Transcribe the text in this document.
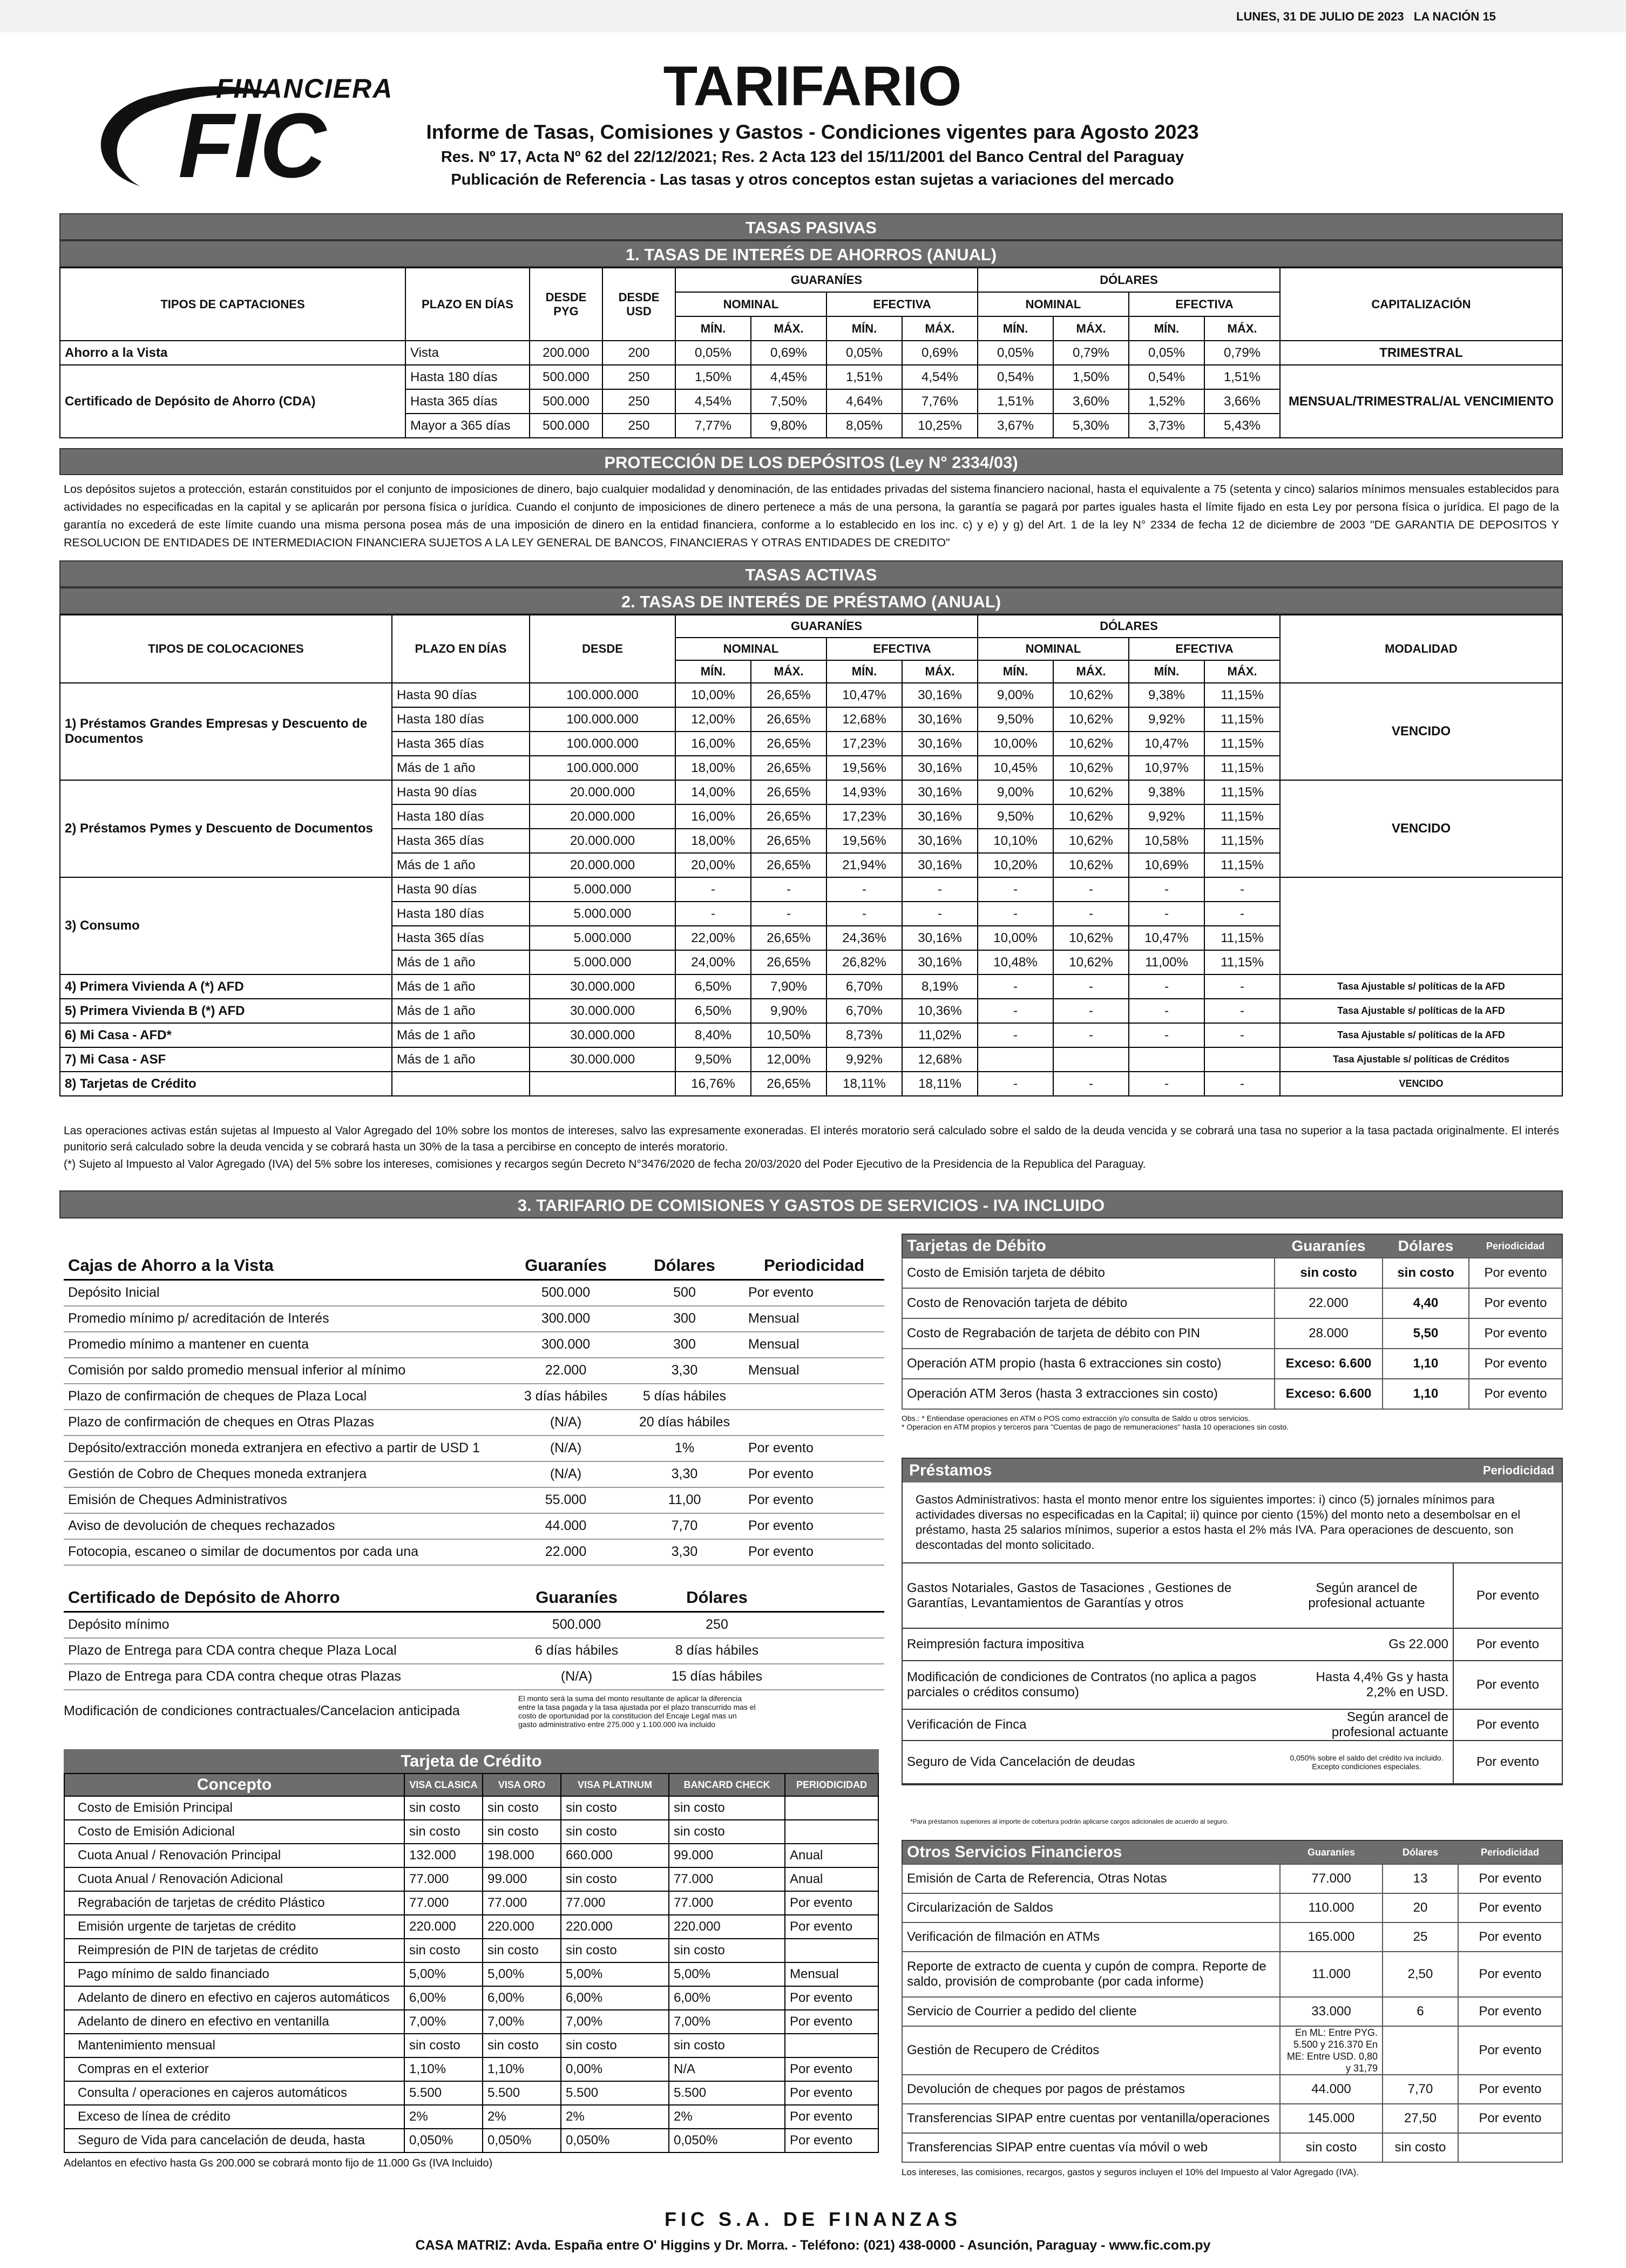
LUNES, 31 DE JULIO DE 2023 LA NACIÓN 15
FINANCIERA
FIC
TARIFARIO
Informe de Tasas, Comisiones y Gastos - Condiciones vigentes para Agosto 2023
Res. Nº 17, Acta Nº 62 del 22/12/2021; Res. 2 Acta 123 del 15/11/2001 del Banco Central del Paraguay
Publicación de Referencia - Las tasas y otros conceptos estan sujetas a variaciones del mercado
TASAS PASIVAS
1. TASAS DE INTERÉS DE AHORROS (ANUAL)
TIPOS DE CAPTACIONES	PLAZO EN DÍAS	DESDE PYG	DESDE USD	GUARANÍES				DÓLARES				CAPITALIZACIÓN
				NOMINAL		EFECTIVA		NOMINAL		EFECTIVA		
				MÍN.	MÁX.	MÍN.	MÁX.	MÍN.	MÁX.	MÍN.	MÁX.	
Ahorro a la Vista	Vista	200.000	200	0,05%	0,69%	0,05%	0,69%	0,05%	0,79%	0,05%	0,79%	TRIMESTRAL
Certificado de Depósito de Ahorro (CDA)	Hasta 180 días	500.000	250	1,50%	4,45%	1,51%	4,54%	0,54%	1,50%	0,54%	1,51%	MENSUAL/TRIMESTRAL/AL VENCIMIENTO
	Hasta 365 días	500.000	250	4,54%	7,50%	4,64%	7,76%	1,51%	3,60%	1,52%	3,66%	
	Mayor a 365 días	500.000	250	7,77%	9,80%	8,05%	10,25%	3,67%	5,30%	3,73%	5,43%	
PROTECCIÓN DE LOS DEPÓSITOS (Ley N° 2334/03)
Los depósitos sujetos a protección, estarán constituidos por el conjunto de imposiciones de dinero, bajo cualquier modalidad y denominación, de las entidades privadas del sistema financiero nacional, hasta el equivalente a 75 (setenta y cinco) salarios mínimos mensuales establecidos para actividades no especificadas en la capital y se aplicarán por persona física o jurídica. Cuando el conjunto de imposiciones de dinero pertenece a más de una persona, la garantía se pagará por partes iguales hasta el límite fijado en esta Ley por persona física o jurídica. El pago de la garantía no excederá de este límite cuando una misma persona posea más de una imposición de dinero en la entidad financiera, conforme a lo establecido en los inc. c) y e) y g) del Art. 1 de la ley N° 2334 de fecha 12 de diciembre de 2003 "DE GARANTIA DE DEPOSITOS Y RESOLUCION DE ENTIDADES DE INTERMEDIACION FINANCIERA SUJETOS A LA LEY GENERAL DE BANCOS, FINANCIERAS Y OTRAS ENTIDADES DE CREDITO"
TASAS ACTIVAS
2. TASAS DE INTERÉS DE PRÉSTAMO (ANUAL)
TIPOS DE COLOCACIONES	PLAZO EN DÍAS	DESDE	GUARANÍES				DÓLARES				MODALIDAD
			NOMINAL		EFECTIVA		NOMINAL		EFECTIVA		
			MÍN.	MÁX.	MÍN.	MÁX.	MÍN.	MÁX.	MÍN.	MÁX.	
1) Préstamos Grandes Empresas y Descuento de Documentos	Hasta 90 días	100.000.000	10,00%	26,65%	10,47%	30,16%	9,00%	10,62%	9,38%	11,15%	VENCIDO
	Hasta 180 días	100.000.000	12,00%	26,65%	12,68%	30,16%	9,50%	10,62%	9,92%	11,15%	
	Hasta 365 días	100.000.000	16,00%	26,65%	17,23%	30,16%	10,00%	10,62%	10,47%	11,15%	
	Más de 1 año	100.000.000	18,00%	26,65%	19,56%	30,16%	10,45%	10,62%	10,97%	11,15%	
2) Préstamos Pymes y Descuento de Documentos	Hasta 90 días	20.000.000	14,00%	26,65%	14,93%	30,16%	9,00%	10,62%	9,38%	11,15%	VENCIDO
	Hasta 180 días	20.000.000	16,00%	26,65%	17,23%	30,16%	9,50%	10,62%	9,92%	11,15%	
	Hasta 365 días	20.000.000	18,00%	26,65%	19,56%	30,16%	10,10%	10,62%	10,58%	11,15%	
	Más de 1 año	20.000.000	20,00%	26,65%	21,94%	30,16%	10,20%	10,62%	10,69%	11,15%	
3) Consumo	Hasta 90 días	5.000.000	-	-	-	-	-	-	-	-	
	Hasta 180 días	5.000.000	-	-	-	-	-	-	-	-	
	Hasta 365 días	5.000.000	22,00%	26,65%	24,36%	30,16%	10,00%	10,62%	10,47%	11,15%	
	Más de 1 año	5.000.000	24,00%	26,65%	26,82%	30,16%	10,48%	10,62%	11,00%	11,15%	
4) Primera Vivienda A (*) AFD	Más de 1 año	30.000.000	6,50%	7,90%	6,70%	8,19%	-	-	-	-	Tasa Ajustable s/ políticas de la AFD
5) Primera Vivienda B (*) AFD	Más de 1 año	30.000.000	6,50%	9,90%	6,70%	10,36%	-	-	-	-	Tasa Ajustable s/ políticas de la AFD
6) Mi Casa - AFD*	Más de 1 año	30.000.000	8,40%	10,50%	8,73%	11,02%	-	-	-	-	Tasa Ajustable s/ políticas de la AFD
7) Mi Casa - ASF	Más de 1 año	30.000.000	9,50%	12,00%	9,92%	12,68%					Tasa Ajustable s/ políticas de Créditos
8) Tarjetas de Crédito			16,76%	26,65%	18,11%	18,11%	-	-	-	-	VENCIDO
Las operaciones activas están sujetas al Impuesto al Valor Agregado del 10% sobre los montos de intereses, salvo las expresamente exoneradas. El interés moratorio será calculado sobre el saldo de la deuda vencida y se cobrará una tasa no superior a la tasa pactada originalmente. El interés punitorio será calculado sobre la deuda vencida y se cobrará hasta un 30% de la tasa a percibirse en concepto de interés moratorio.
(*) Sujeto al Impuesto al Valor Agregado (IVA) del 5% sobre los intereses, comisiones y recargos según Decreto N°3476/2020 de fecha 20/03/2020 del Poder Ejecutivo de la Presidencia de la Republica del Paraguay.
3. TARIFARIO DE COMISIONES Y GASTOS DE SERVICIOS - IVA INCLUIDO
Cajas de Ahorro a la Vista	Guaraníes	Dólares	Periodicidad
Depósito Inicial	500.000	500	Por evento
Promedio mínimo p/ acreditación de Interés	300.000	300	Mensual
Promedio mínimo a mantener en cuenta	300.000	300	Mensual
Comisión por saldo promedio mensual inferior al mínimo	22.000	3,30	Mensual
Plazo de confirmación de cheques de Plaza Local	3 días hábiles	5 días hábiles	
Plazo de confirmación de cheques en Otras Plazas	(N/A)	20 días hábiles	
Depósito/extracción moneda extranjera en efectivo a partir de USD 1	(N/A)	1%	Por evento
Gestión de Cobro de Cheques moneda extranjera	(N/A)	3,30	Por evento
Emisión de Cheques Administrativos	55.000	11,00	Por evento
Aviso de devolución de cheques rechazados	44.000	7,70	Por evento
Fotocopia, escaneo o similar de documentos por cada una	22.000	3,30	Por evento
Certificado de Depósito de Ahorro	Guaraníes	Dólares	
Depósito mínimo	500.000	250	
Plazo de Entrega para CDA contra cheque Plaza Local	6 días hábiles	8 días hábiles	
Plazo de Entrega para CDA contra cheque otras Plazas	(N/A)	15 días hábiles	
Modificación de condiciones contractuales/Cancelacion anticipada
El monto será la suma del monto resultante de aplicar la diferencia entre la tasa pagada y la tasa ajustada por el plazo transcurrido mas el costo de oportunidad por la constitucion del Encaje Legal mas un gasto administrativo entre 275.000 y 1.100.000 iva incluido
Tarjeta de Crédito
Concepto	VISA CLASICA	VISA ORO	VISA PLATINUM	BANCARD CHECK	PERIODICIDAD
Costo de Emisión Principal	sin costo	sin costo	sin costo	sin costo	
Costo de Emisión Adicional	sin costo	sin costo	sin costo	sin costo	
Cuota Anual / Renovación Principal	132.000	198.000	660.000	99.000	Anual
Cuota Anual / Renovación Adicional	77.000	99.000	sin costo	77.000	Anual
Regrabación de tarjetas de crédito Plástico	77.000	77.000	77.000	77.000	Por evento
Emisión urgente de tarjetas de crédito	220.000	220.000	220.000	220.000	Por evento
Reimpresión de PIN de tarjetas de crédito	sin costo	sin costo	sin costo	sin costo	
Pago mínimo de saldo financiado	5,00%	5,00%	5,00%	5,00%	Mensual
Adelanto de dinero en efectivo en cajeros automáticos	6,00%	6,00%	6,00%	6,00%	Por evento
Adelanto de dinero en efectivo en ventanilla	7,00%	7,00%	7,00%	7,00%	Por evento
Mantenimiento mensual	sin costo	sin costo	sin costo	sin costo	
Compras en el exterior	1,10%	1,10%	0,00%	N/A	Por evento
Consulta / operaciones en cajeros automáticos	5.500	5.500	5.500	5.500	Por evento
Exceso de línea de crédito	2%	2%	2%	2%	Por evento
Seguro de Vida para cancelación de deuda, hasta	0,050%	0,050%	0,050%	0,050%	Por evento
Adelantos en efectivo hasta Gs 200.000 se cobrará monto fijo de 11.000 Gs (IVA Incluido)
Tarjetas de Débito	Guaraníes	Dólares	Periodicidad
Costo de Emisión tarjeta de débito	sin costo	sin costo	Por evento
Costo de Renovación tarjeta de débito	22.000	4,40	Por evento
Costo de Regrabación de tarjeta de débito con PIN	28.000	5,50	Por evento
Operación ATM propio (hasta 6 extracciones sin costo)	Exceso: 6.600	1,10	Por evento
Operación ATM 3eros (hasta 3 extracciones sin costo)	Exceso: 6.600	1,10	Por evento
Obs.: * Entiendase operaciones en ATM o POS como extracción y/o consulta de Saldo u otros servicios.
* Operacion en ATM propios y terceros para "Cuentas de pago de remuneraciones" hasta 10 operaciones sin costo.
Préstamos	Periodicidad
Gastos Administrativos: hasta el monto menor entre los siguientes importes: i) cinco (5) jornales mínimos para actividades diversas no especificadas en la Capital; ii) quince por ciento (15%) del monto neto a desembolsar en el préstamo, hasta 25 salarios mínimos, superior a estos hasta el 2% más IVA. Para operaciones de descuento, son descontadas del monto solicitado.
Gastos Notariales, Gastos de Tasaciones , Gestiones de Garantías, Levantamientos de Garantías y otros	Según arancel de profesional actuante	Por evento
Reimpresión factura impositiva	Gs 22.000	Por evento
Modificación de condiciones de Contratos (no aplica a pagos parciales o créditos consumo)	Hasta 4,4% Gs y hasta 2,2% en USD.	Por evento
Verificación de Finca	Según arancel de profesional actuante	Por evento
Seguro de Vida Cancelación de deudas	0,050% sobre el saldo del crédito iva incluido. Excepto condiciones especiales.	Por evento
*Para préstamos superiores al importe de cobertura podrán aplicarse cargos adicionales de acuerdo al seguro.
Otros Servicios Financieros	Guaraníes	Dólares	Periodicidad
Emisión de Carta de Referencia, Otras Notas	77.000	13	Por evento
Circularización de Saldos	110.000	20	Por evento
Verificación de filmación en ATMs	165.000	25	Por evento
Reporte de extracto de cuenta y cupón de compra. Reporte de saldo, provisión de comprobante (por cada informe)	11.000	2,50	Por evento
Servicio de Courrier a pedido del cliente	33.000	6	Por evento
Gestión de Recupero de Créditos	En ML: Entre PYG. 5.500 y 216.370 En ME: Entre USD. 0,80 y 31,79		Por evento
Devolución de cheques por pagos de préstamos	44.000	7,70	Por evento
Transferencias SIPAP entre cuentas por ventanilla/operaciones	145.000	27,50	Por evento
Transferencias SIPAP entre cuentas vía móvil o web	sin costo	sin costo	
Los intereses, las comisiones, recargos, gastos y seguros incluyen el 10% del Impuesto al Valor Agregado (IVA).
FIC S.A. DE FINANZAS
CASA MATRIZ: Avda. España entre O' Higgins y Dr. Morra. - Teléfono: (021) 438-0000 - Asunción, Paraguay - www.fic.com.py
